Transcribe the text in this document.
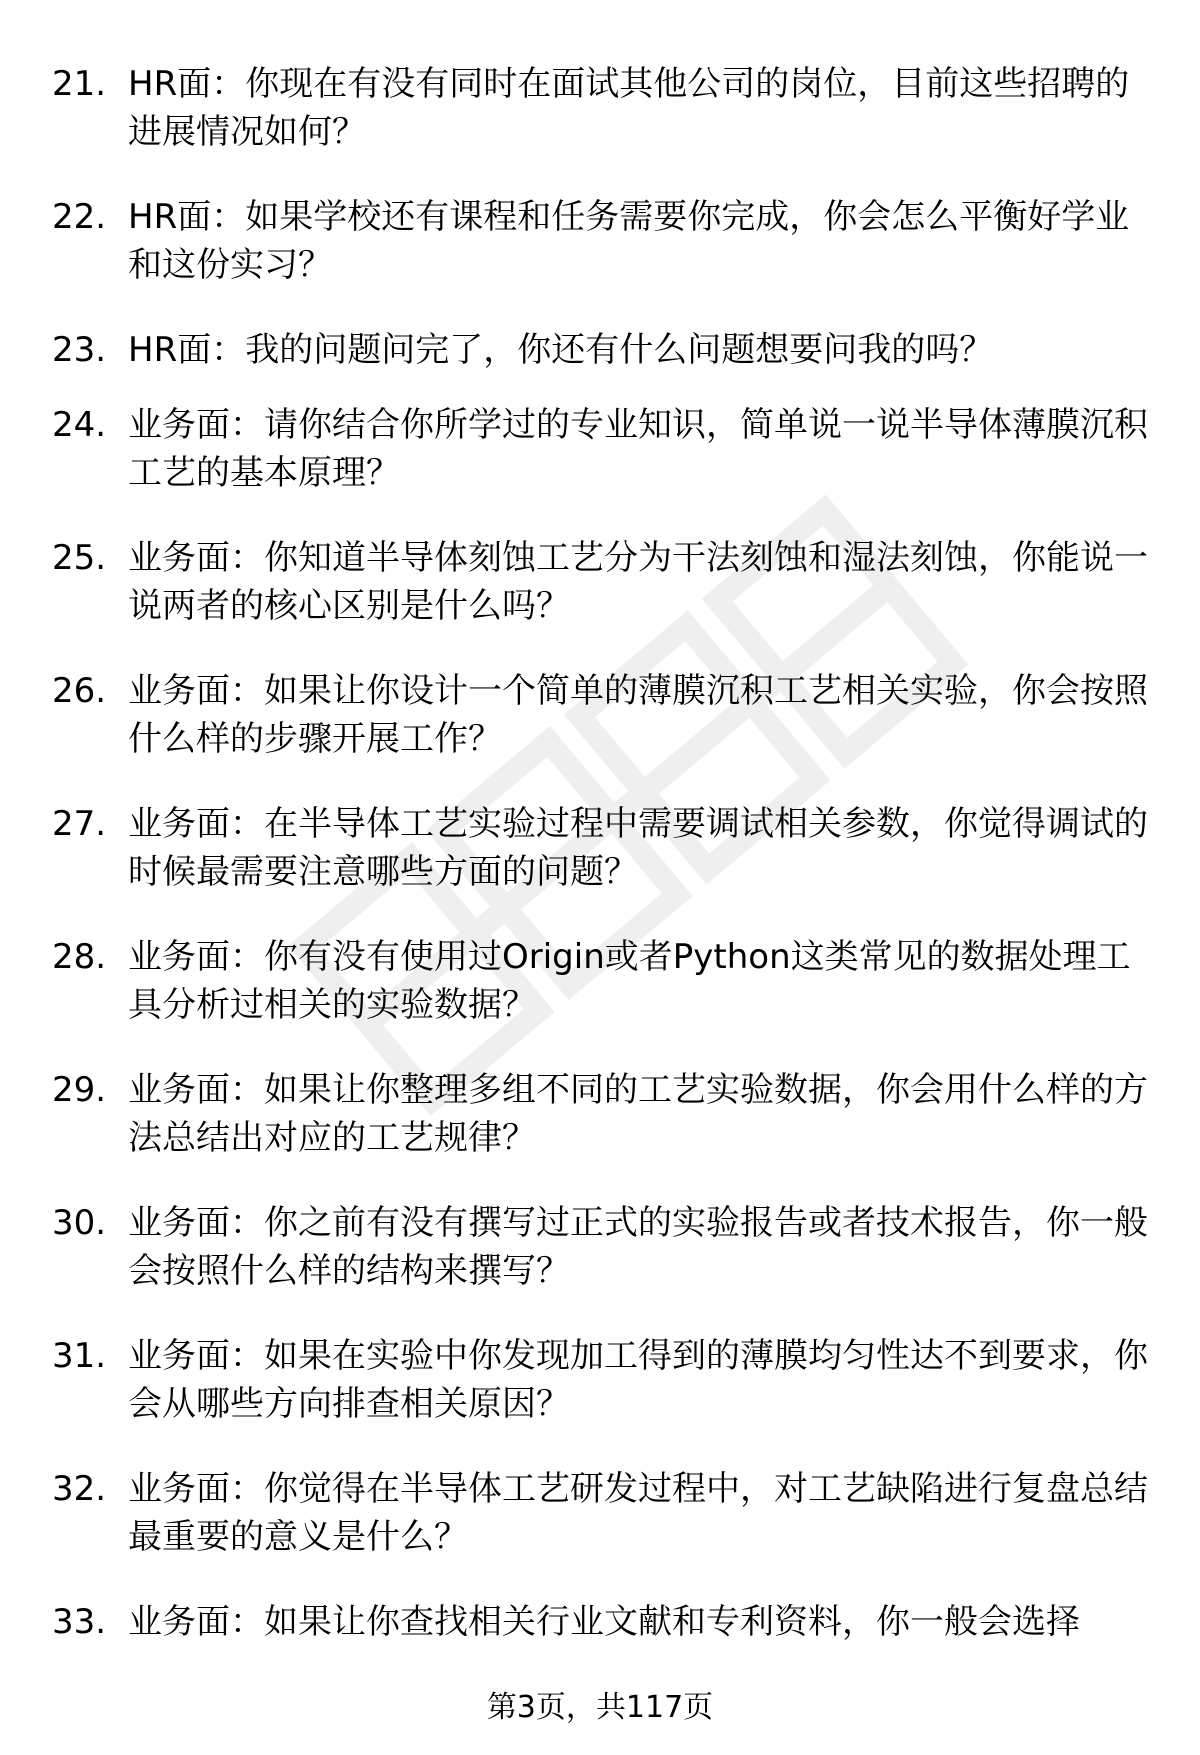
21. HR面：你现在有没有同时在面试其他公司的岗位，目前这些招聘的进展情况如何？
22. HR面：如果学校还有课程和任务需要你完成，你会怎么平衡好学业和这份实习？
23. HR面：我的问题问完了，你还有什么问题想要问我的吗？
24. 业务面：请你结合你所学过的专业知识，简单说一说半导体薄膜沉积工艺的基本原理？
25. 业务面：你知道半导体刻蚀工艺分为干法刻蚀和湿法刻蚀，你能说一说两者的核心区别是什么吗？
26. 业务面：如果让你设计一个简单的薄膜沉积工艺相关实验，你会按照什么样的步骤开展工作？
27. 业务面：在半导体工艺实验过程中需要调试相关参数，你觉得调试的时候最需要注意哪些方面的问题？
28. 业务面：你有没有使用过Origin或者Python这类常见的数据处理工具分析过相关的实验数据？
29. 业务面：如果让你整理多组不同的工艺实验数据，你会用什么样的方法总结出对应的工艺规律？
30. 业务面：你之前有没有撰写过正式的实验报告或者技术报告，你一般会按照什么样的结构来撰写？
31. 业务面：如果在实验中你发现加工得到的薄膜均匀性达不到要求，你会从哪些方向排查相关原因？
32. 业务面：你觉得在半导体工艺研发过程中，对工艺缺陷进行复盘总结最重要的意义是什么？
33. 业务面：如果让你查找相关行业文献和专利资料，你一般会选择
第3页，共117页
